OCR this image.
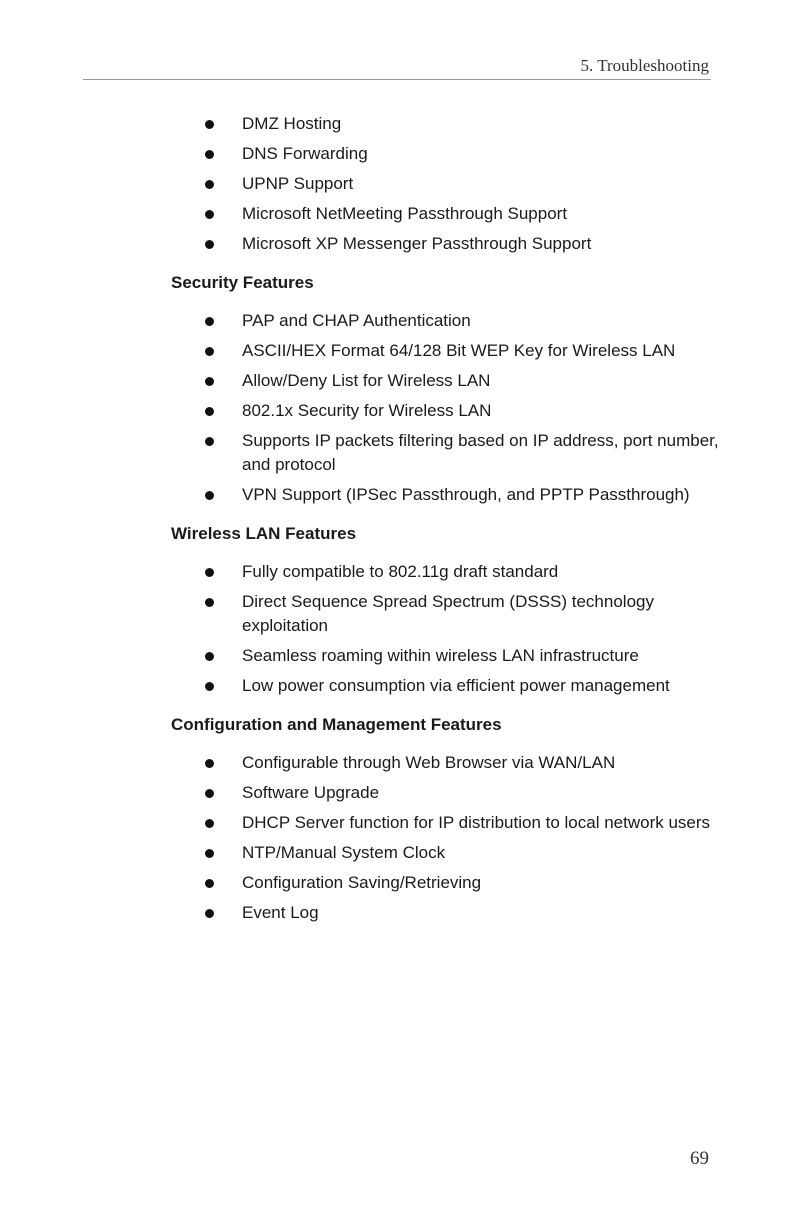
5. Troubleshooting
DMZ Hosting
DNS Forwarding
UPNP Support
Microsoft NetMeeting Passthrough Support
Microsoft XP Messenger Passthrough Support
Security Features
PAP and CHAP Authentication
ASCII/HEX Format 64/128 Bit WEP Key for Wireless LAN
Allow/Deny List for Wireless LAN
802.1x Security for Wireless LAN
Supports IP packets filtering based on IP address, port number, and protocol
VPN Support (IPSec Passthrough, and PPTP Passthrough)
Wireless LAN Features
Fully compatible to 802.11g draft standard
Direct Sequence Spread Spectrum (DSSS) technology exploitation
Seamless roaming within wireless LAN infrastructure
Low power consumption via efficient power management
Configuration and Management Features
Configurable through Web Browser via WAN/LAN
Software Upgrade
DHCP Server function for IP distribution to local network users
NTP/Manual System Clock
Configuration Saving/Retrieving
Event Log
69
